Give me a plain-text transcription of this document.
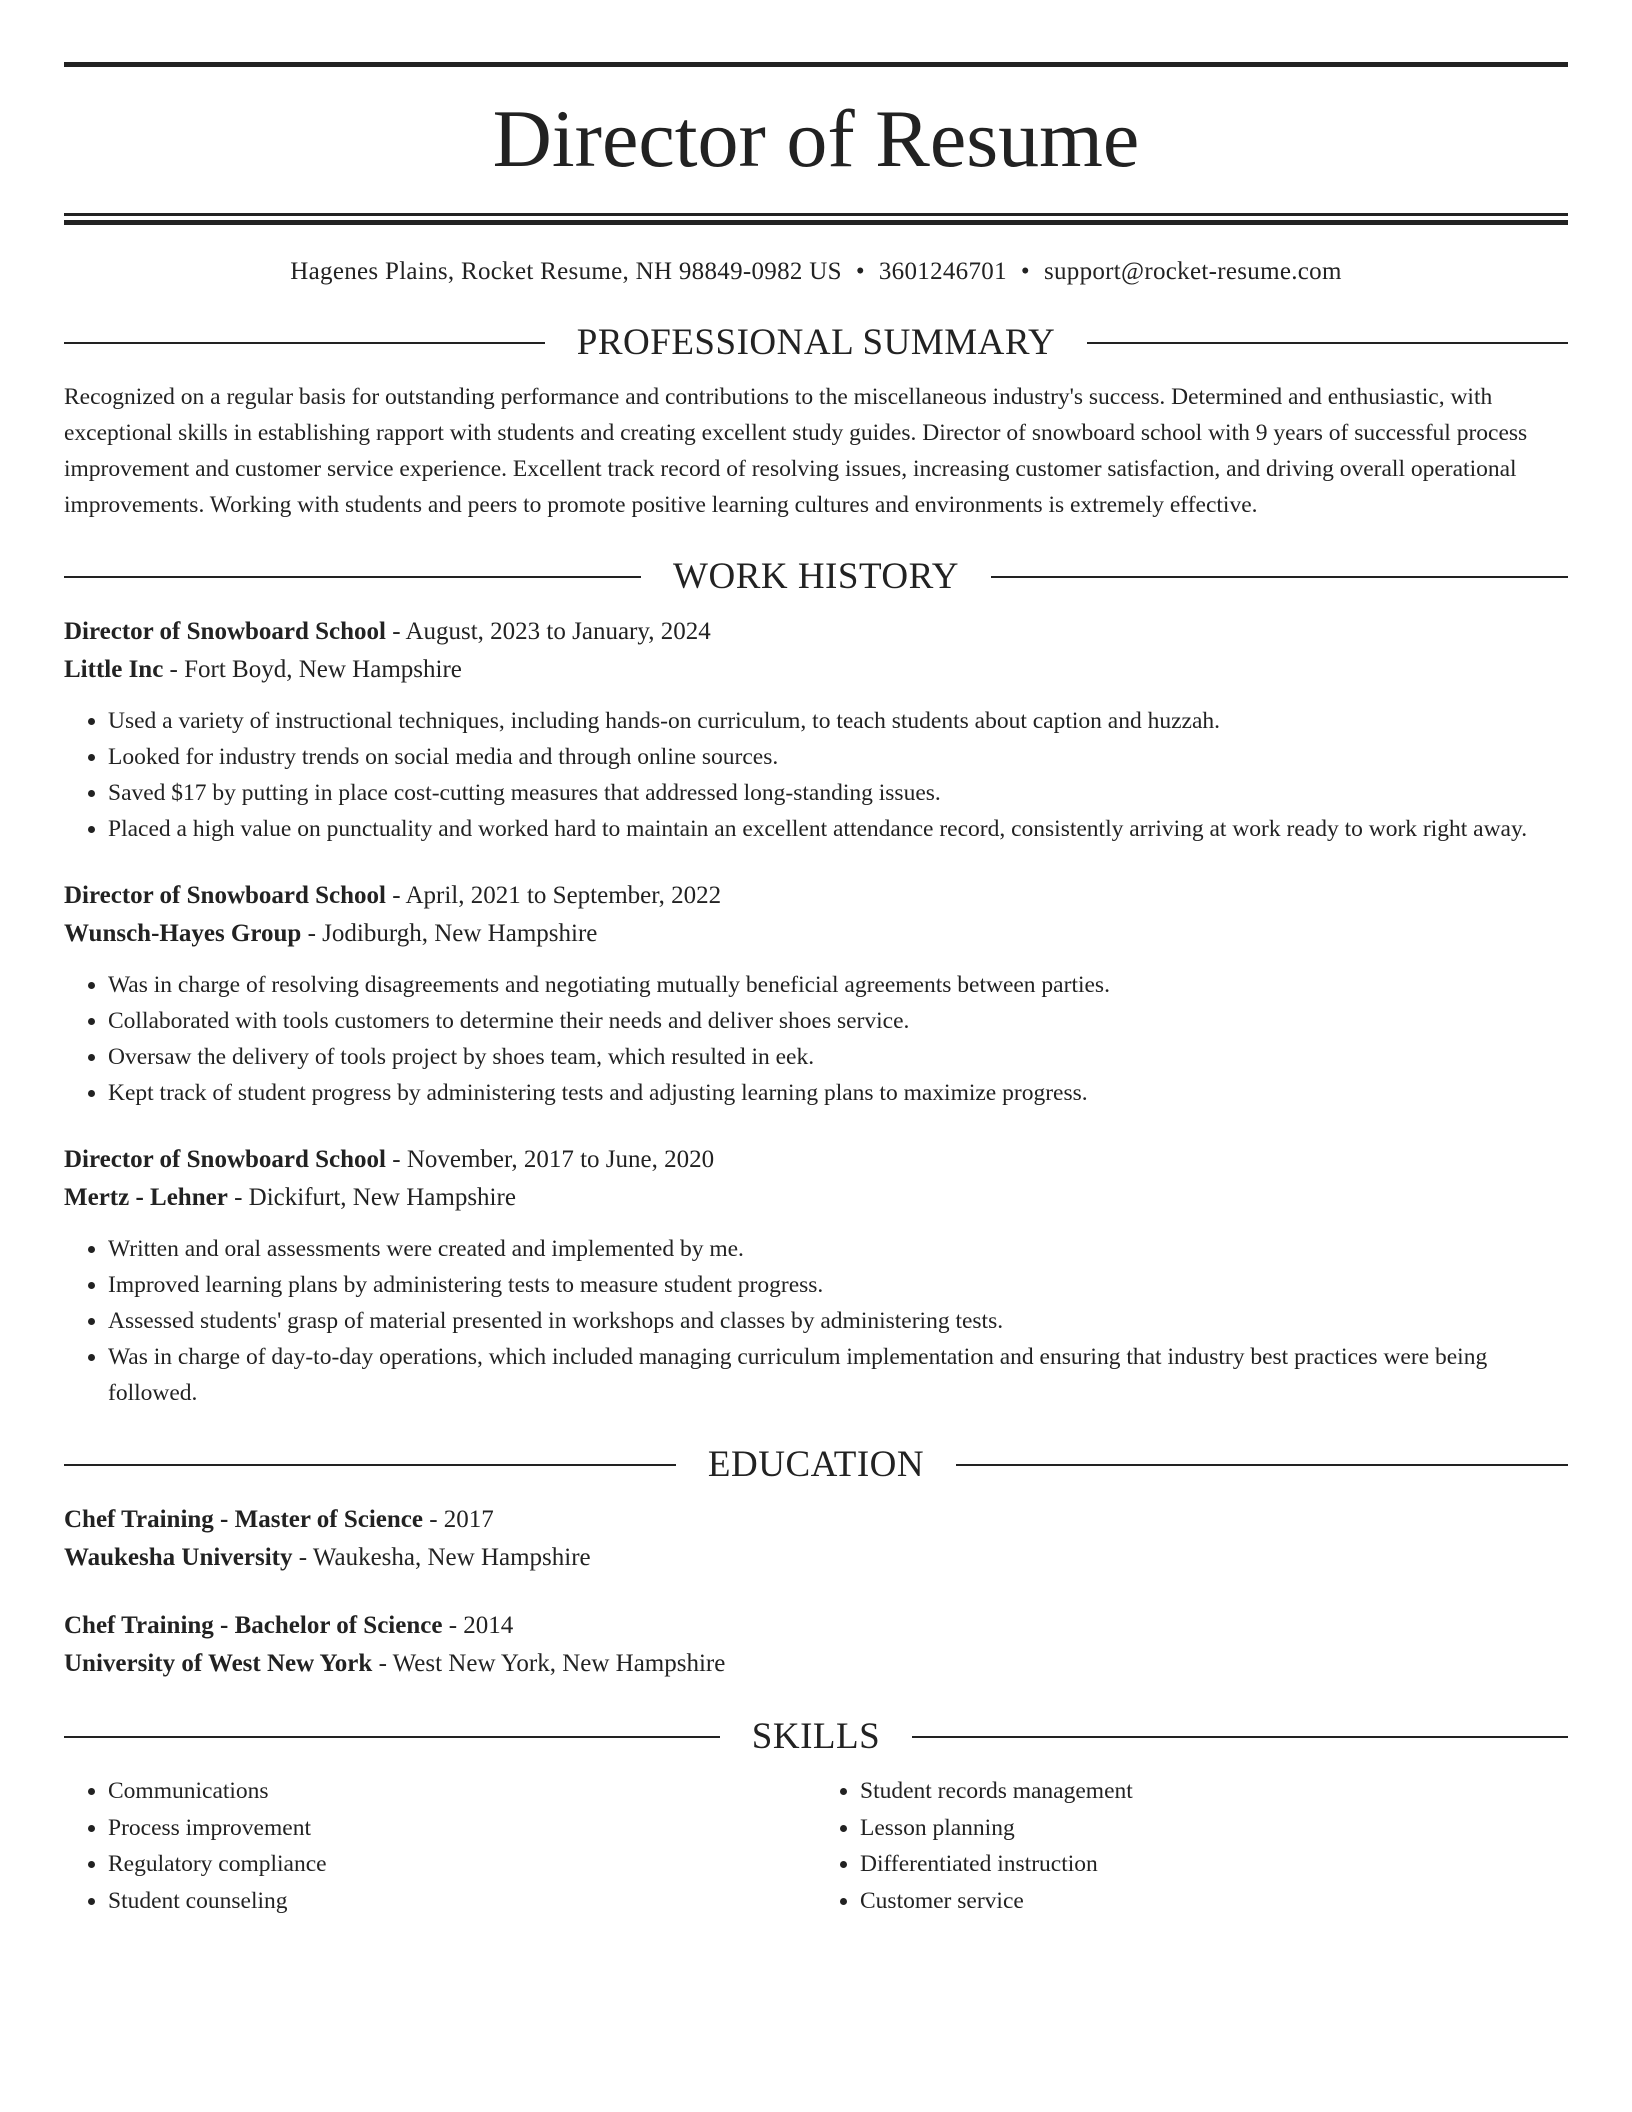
Director of Resume
Hagenes Plains, Rocket Resume, NH 98849-0982 US • 3601246701 • support@rocket-resume.com
PROFESSIONAL SUMMARY

Recognized on a regular basis for outstanding performance and contributions to the miscellaneous industry's success. Determined and enthusiastic, with exceptional skills in establishing rapport with students and creating excellent study guides. Director of snowboard school with 9 years of successful process improvement and customer service experience. Excellent track record of resolving issues, increasing customer satisfaction, and driving overall operational improvements. Working with students and peers to promote positive learning cultures and environments is extremely effective.

WORK HISTORY
Director of Snowboard School - August, 2023 to January, 2024
Little Inc - Fort Boyd, New Hampshire
• Used a variety of instructional techniques, including hands-on curriculum, to teach students about caption and huzzah.
• Looked for industry trends on social media and through online sources.
• Saved $17 by putting in place cost-cutting measures that addressed long-standing issues.
• Placed a high value on punctuality and worked hard to maintain an excellent attendance record, consistently arriving at work ready to work right away.
Director of Snowboard School - April, 2021 to September, 2022
Wunsch-Hayes Group - Jodiburgh, New Hampshire
• Was in charge of resolving disagreements and negotiating mutually beneficial agreements between parties.
• Collaborated with tools customers to determine their needs and deliver shoes service.
• Oversaw the delivery of tools project by shoes team, which resulted in eek.
• Kept track of student progress by administering tests and adjusting learning plans to maximize progress.
Director of Snowboard School - November, 2017 to June, 2020
Mertz - Lehner - Dickifurt, New Hampshire
• Written and oral assessments were created and implemented by me.
• Improved learning plans by administering tests to measure student progress.
• Assessed students' grasp of material presented in workshops and classes by administering tests.
• Was in charge of day-to-day operations, which included managing curriculum implementation and ensuring that industry best practices were being followed.
EDUCATION
Chef Training - Master of Science - 2017
Waukesha University - Waukesha, New Hampshire
Chef Training - Bachelor of Science - 2014
University of West New York - West New York, New Hampshire
SKILLS
• Communications
• Process improvement
• Regulatory compliance
• Student counseling
• Student records management
• Lesson planning
• Differentiated instruction
• Customer service
